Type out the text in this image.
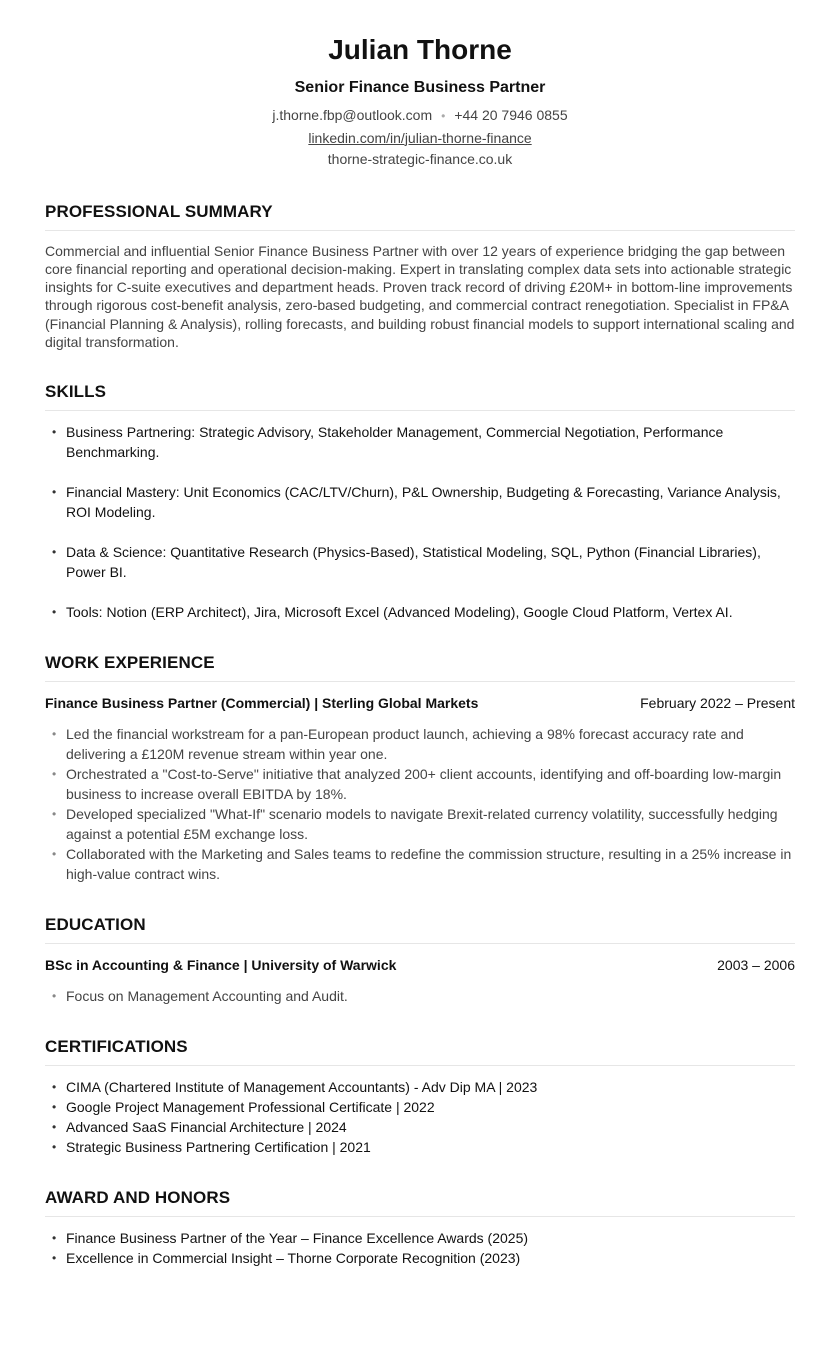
Julian Thorne
Senior Finance Business Partner
j.thorne.fbp@outlook.com • +44 20 7946 0855
linkedin.com/in/julian-thorne-finance
thorne-strategic-finance.co.uk
PROFESSIONAL SUMMARY
Commercial and influential Senior Finance Business Partner with over 12 years of experience bridging the gap between core financial reporting and operational decision-making. Expert in translating complex data sets into actionable strategic insights for C-suite executives and department heads. Proven track record of driving £20M+ in bottom-line improvements through rigorous cost-benefit analysis, zero-based budgeting, and commercial contract renegotiation. Specialist in FP&A (Financial Planning & Analysis), rolling forecasts, and building robust financial models to support international scaling and digital transformation.
SKILLS
• Business Partnering: Strategic Advisory, Stakeholder Management, Commercial Negotiation, Performance Benchmarking.
• Financial Mastery: Unit Economics (CAC/LTV/Churn), P&L Ownership, Budgeting & Forecasting, Variance Analysis, ROI Modeling.
• Data & Science: Quantitative Research (Physics-Based), Statistical Modeling, SQL, Python (Financial Libraries), Power BI.
• Tools: Notion (ERP Architect), Jira, Microsoft Excel (Advanced Modeling), Google Cloud Platform, Vertex AI.
WORK EXPERIENCE
Finance Business Partner (Commercial) | Sterling Global Markets	February 2022 – Present
• Led the financial workstream for a pan-European product launch, achieving a 98% forecast accuracy rate and delivering a £120M revenue stream within year one.
• Orchestrated a "Cost-to-Serve" initiative that analyzed 200+ client accounts, identifying and off-boarding low-margin business to increase overall EBITDA by 18%.
• Developed specialized "What-If" scenario models to navigate Brexit-related currency volatility, successfully hedging against a potential £5M exchange loss.
• Collaborated with the Marketing and Sales teams to redefine the commission structure, resulting in a 25% increase in high-value contract wins.
EDUCATION
BSc in Accounting & Finance | University of Warwick	2003 – 2006
• Focus on Management Accounting and Audit.
CERTIFICATIONS
• CIMA (Chartered Institute of Management Accountants) - Adv Dip MA | 2023
• Google Project Management Professional Certificate | 2022
• Advanced SaaS Financial Architecture | 2024
• Strategic Business Partnering Certification | 2021
AWARD AND HONORS
• Finance Business Partner of the Year – Finance Excellence Awards (2025)
• Excellence in Commercial Insight – Thorne Corporate Recognition (2023)
